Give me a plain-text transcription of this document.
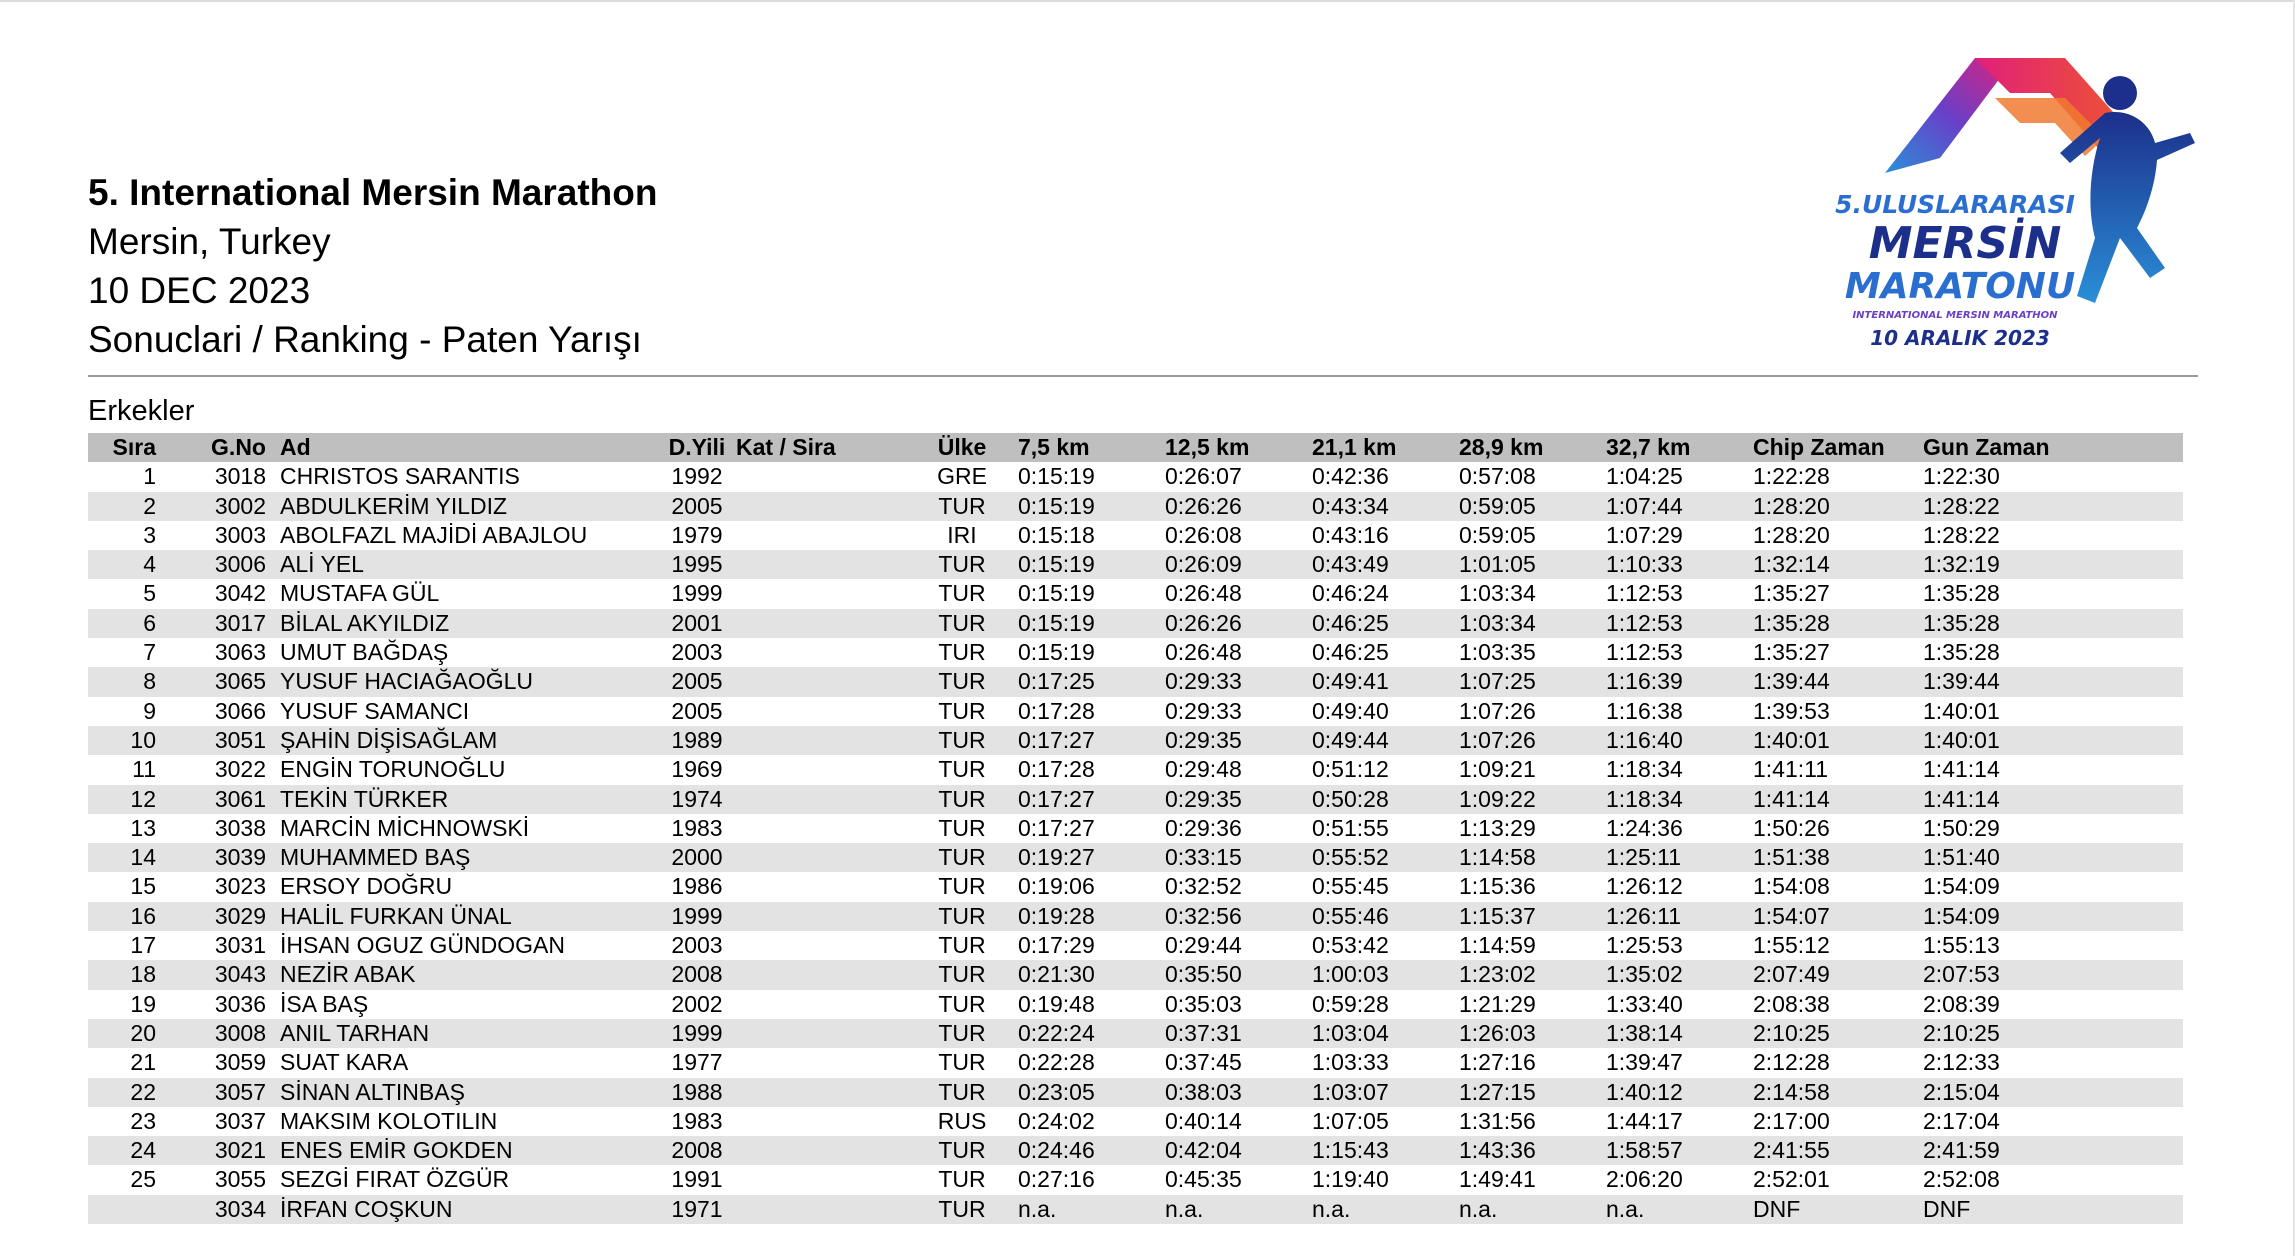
5. International Mersin Marathon
Mersin, Turkey
10 DEC 2023
Sonuclari / Ranking - Paten Yarışı
5.ULUSLARARASI
MERSİN
MARATONU
INTERNATIONAL MERSIN MARATHON
10 ARALIK 2023
Erkekler
Sıra	G.No	Ad	D.Yili	Kat / Sira	Ülke	7,5 km	12,5 km	21,1 km	28,9 km	32,7 km	Chip Zaman	Gun Zaman
1	3018	CHRISTOS SARANTIS	1992		GRE	0:15:19	0:26:07	0:42:36	0:57:08	1:04:25	1:22:28	1:22:30
2	3002	ABDULKERİM YILDIZ	2005		TUR	0:15:19	0:26:26	0:43:34	0:59:05	1:07:44	1:28:20	1:28:22
3	3003	ABOLFAZL MAJİDİ ABAJLOU	1979		IRI	0:15:18	0:26:08	0:43:16	0:59:05	1:07:29	1:28:20	1:28:22
4	3006	ALİ YEL	1995		TUR	0:15:19	0:26:09	0:43:49	1:01:05	1:10:33	1:32:14	1:32:19
5	3042	MUSTAFA GÜL	1999		TUR	0:15:19	0:26:48	0:46:24	1:03:34	1:12:53	1:35:27	1:35:28
6	3017	BİLAL AKYILDIZ	2001		TUR	0:15:19	0:26:26	0:46:25	1:03:34	1:12:53	1:35:28	1:35:28
7	3063	UMUT BAĞDAŞ	2003		TUR	0:15:19	0:26:48	0:46:25	1:03:35	1:12:53	1:35:27	1:35:28
8	3065	YUSUF HACIAĞAOĞLU	2005		TUR	0:17:25	0:29:33	0:49:41	1:07:25	1:16:39	1:39:44	1:39:44
9	3066	YUSUF SAMANCI	2005		TUR	0:17:28	0:29:33	0:49:40	1:07:26	1:16:38	1:39:53	1:40:01
10	3051	ŞAHİN DİŞİSAĞLAM	1989		TUR	0:17:27	0:29:35	0:49:44	1:07:26	1:16:40	1:40:01	1:40:01
11	3022	ENGİN TORUNOĞLU	1969		TUR	0:17:28	0:29:48	0:51:12	1:09:21	1:18:34	1:41:11	1:41:14
12	3061	TEKİN TÜRKER	1974		TUR	0:17:27	0:29:35	0:50:28	1:09:22	1:18:34	1:41:14	1:41:14
13	3038	MARCİN MİCHNOWSKİ	1983		TUR	0:17:27	0:29:36	0:51:55	1:13:29	1:24:36	1:50:26	1:50:29
14	3039	MUHAMMED BAŞ	2000		TUR	0:19:27	0:33:15	0:55:52	1:14:58	1:25:11	1:51:38	1:51:40
15	3023	ERSOY DOĞRU	1986		TUR	0:19:06	0:32:52	0:55:45	1:15:36	1:26:12	1:54:08	1:54:09
16	3029	HALİL FURKAN ÜNAL	1999		TUR	0:19:28	0:32:56	0:55:46	1:15:37	1:26:11	1:54:07	1:54:09
17	3031	İHSAN OGUZ GÜNDOGAN	2003		TUR	0:17:29	0:29:44	0:53:42	1:14:59	1:25:53	1:55:12	1:55:13
18	3043	NEZİR ABAK	2008		TUR	0:21:30	0:35:50	1:00:03	1:23:02	1:35:02	2:07:49	2:07:53
19	3036	İSA BAŞ	2002		TUR	0:19:48	0:35:03	0:59:28	1:21:29	1:33:40	2:08:38	2:08:39
20	3008	ANIL TARHAN	1999		TUR	0:22:24	0:37:31	1:03:04	1:26:03	1:38:14	2:10:25	2:10:25
21	3059	SUAT KARA	1977		TUR	0:22:28	0:37:45	1:03:33	1:27:16	1:39:47	2:12:28	2:12:33
22	3057	SİNAN ALTINBAŞ	1988		TUR	0:23:05	0:38:03	1:03:07	1:27:15	1:40:12	2:14:58	2:15:04
23	3037	MAKSIM KOLOTILIN	1983		RUS	0:24:02	0:40:14	1:07:05	1:31:56	1:44:17	2:17:00	2:17:04
24	3021	ENES EMİR GOKDEN	2008		TUR	0:24:46	0:42:04	1:15:43	1:43:36	1:58:57	2:41:55	2:41:59
25	3055	SEZGİ FIRAT ÖZGÜR	1991		TUR	0:27:16	0:45:35	1:19:40	1:49:41	2:06:20	2:52:01	2:52:08
	3034	İRFAN COŞKUN	1971		TUR	n.a.	n.a.	n.a.	n.a.	n.a.	DNF	DNF
